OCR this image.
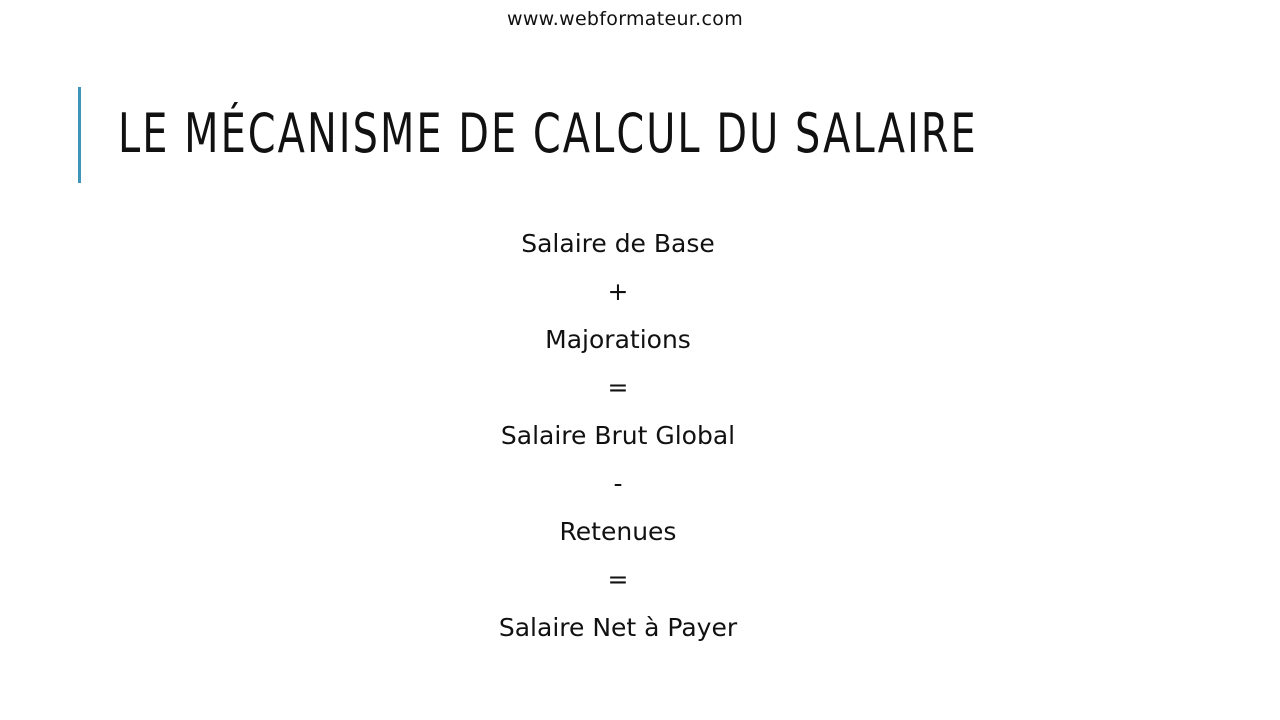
www.webformateur.com
LE MÉCANISME DE CALCUL DU SALAIRE
Salaire de Base
+
Majorations
=
Salaire Brut Global
-
Retenues
=
Salaire Net à Payer
